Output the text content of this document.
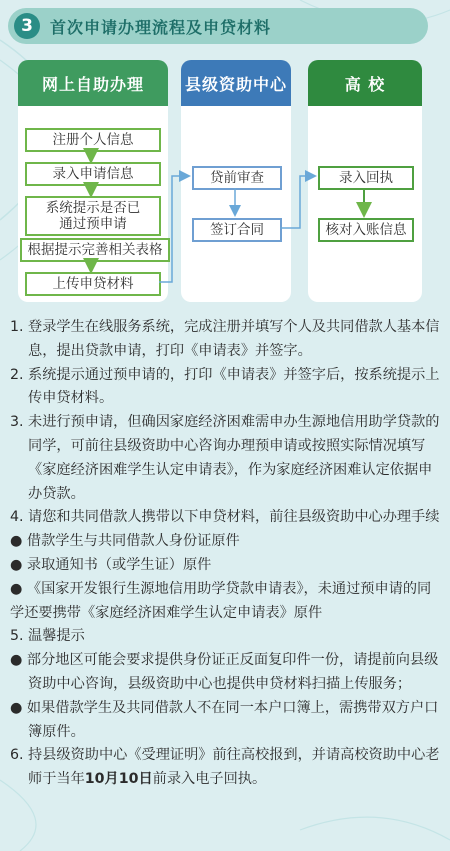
3	首次申请办理流程及申贷材料
网上自助办理
注册个人信息
录入申请信息
系统提示是否已
通过预申请
根据提示完善相关表格
上传申贷材料
县级资助中心
贷前审查
签订合同
高 校
录入回执
核对入账信息

1. 登录学生在线服务系统，完成注册并填写个人及共同借款人基本信息，提出贷款申请，打印《申请表》并签字。

2. 系统提示通过预申请的，打印《申请表》并签字后，按系统提示上传申贷材料。

3. 未进行预申请，但确因家庭经济困难需申办生源地信用助学贷款的同学，可前往县级资助中心咨询办理预申请或按照实际情况填写《家庭经济困难学生认定申请表》，作为家庭经济困难认定依据申办贷款。

4. 请您和共同借款人携带以下申贷材料，前往县级资助中心办理手续

● 借款学生与共同借款人身份证原件

● 录取通知书（或学生证）原件

● 《国家开发银行生源地信用助学贷款申请表》，未通过预申请的同学还要携带《家庭经济困难学生认定申请表》原件

5. 温馨提示

● 部分地区可能会要求提供身份证正反面复印件一份，请提前向县级资助中心咨询，县级资助中心也提供申贷材料扫描上传服务；

● 如果借款学生及共同借款人不在同一本户口簿上，需携带双方户口簿原件。

6. 持县级资助中心《受理证明》前往高校报到，并请高校资助中心老师于当年10月10日前录入电子回执。
